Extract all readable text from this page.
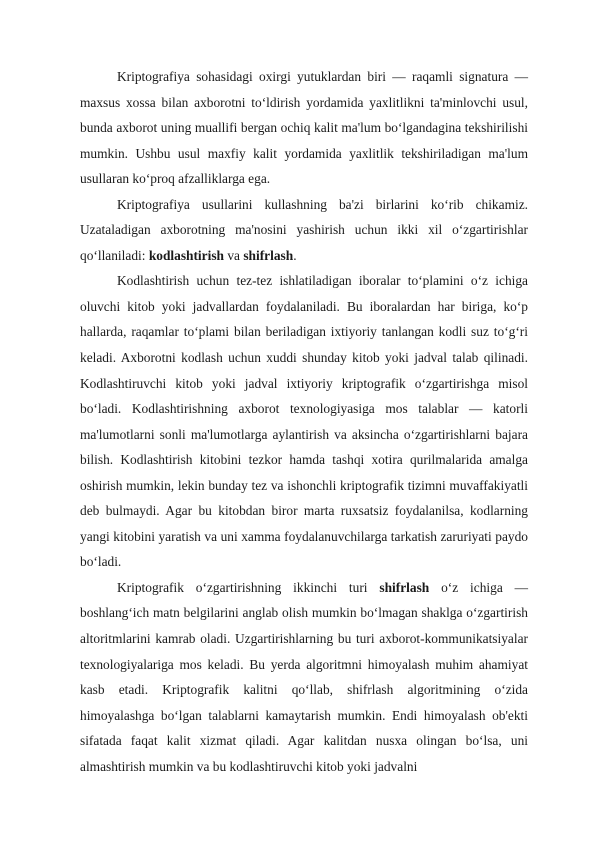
Kriptografiya sohasidagi oxirgi yutuklardan biri — raqamli signatura — maxsus xossa bilan axborotni to‘ldirish yordamida yaxlitlikni ta'minlovchi usul, bunda axborot uning muallifi bergan ochiq kalit ma'lum bo‘lgandagina tekshirilishi mumkin. Ushbu usul maxfiy kalit yordamida yaxlitlik tekshiriladigan ma'lum usullaran ko‘proq afzalliklarga ega.

Kriptografiya usullarini kullashning ba'zi birlarini ko‘rib chikamiz. Uzataladigan axborotning ma'nosini yashirish uchun ikki xil o‘zgartirishlar qo‘llaniladi: kodlashtirish va shifrlash.

Kodlashtirish uchun tez-tez ishlatiladigan iboralar to‘plamini o‘z ichiga oluvchi kitob yoki jadvallardan foydalaniladi. Bu iboralardan har biriga, ko‘p hallarda, raqamlar to‘plami bilan beriladigan ixtiyoriy tanlangan kodli suz to‘g‘ri keladi. Axborotni kodlash uchun xuddi shunday kitob yoki jadval talab qilinadi. Kodlashtiruvchi kitob yoki jadval ixtiyoriy kriptografik o‘zgartirishga misol bo‘ladi. Kodlashtirishning axborot texnologiyasiga mos talablar — katorli ma'lumotlarni sonli ma'lumotlarga aylantirish va aksincha o‘zgartirishlarni bajara bilish. Kodlashtirish kitobini tezkor hamda tashqi xotira qurilmalarida amalga oshirish mumkin, lekin bunday tez va ishonchli kriptografik tizimni muvaffakiyatli deb bulmaydi. Agar bu kitobdan biror marta ruxsatsiz foydalanilsa, kodlarning yangi kitobini yaratish va uni xamma foydalanuvchilarga tarkatish zaruriyati paydo bo‘ladi.

Kriptografik o‘zgartirishning ikkinchi turi shifrlash o‘z ichiga — boshlang‘ich matn belgilarini anglab olish mumkin bo‘lmagan shaklga o‘zgartirish altoritmlarini kamrab oladi. Uzgartirishlarning bu turi axborot-kommunikatsiyalar texnologiyalariga mos keladi. Bu yerda algoritmni himoyalash muhim ahamiyat kasb etadi. Kriptografik kalitni qo‘llab, shifrlash algoritmining o‘zida himoyalashga bo‘lgan talablarni kamaytarish mumkin. Endi himoyalash ob'ekti sifatada faqat kalit xizmat qiladi. Agar kalitdan nusxa olingan bo‘lsa, uni almashtirish mumkin va bu kodlashtiruvchi kitob yoki jadvalni
